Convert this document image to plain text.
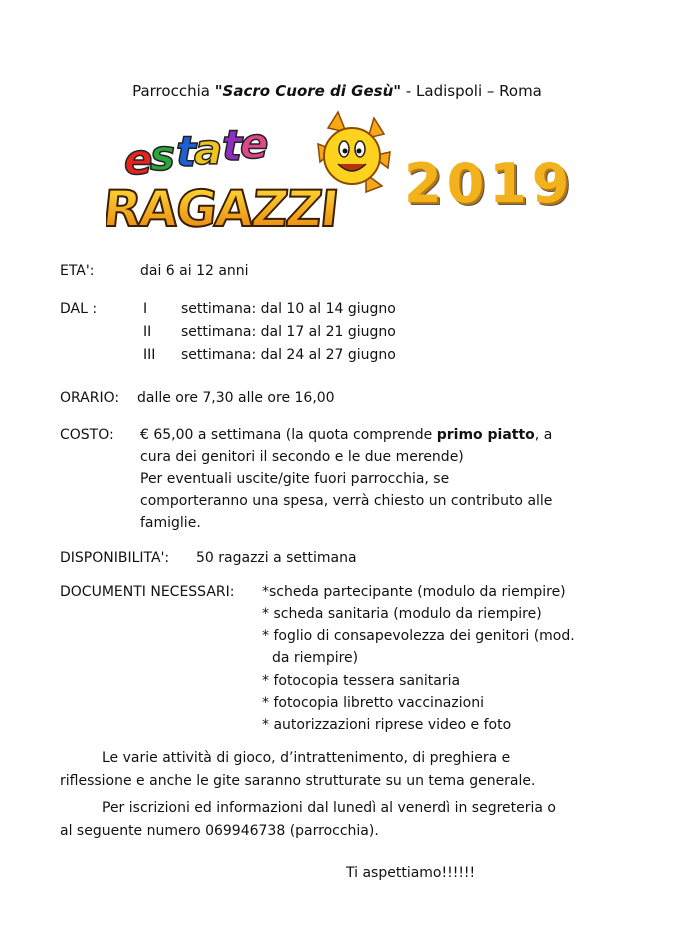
Parrocchia "Sacro Cuore di Gesù" - Ladispoli – Roma
e
s t
a t
e
RAGAZZI 2019
ETA':	dai 6 ai 12 anni
DAL :	I settimana: dal 10 al 14 giugno
II settimana: dal 17 al 21 giugno
III settimana: dal 24 al 27 giugno
ORARIO: dalle ore 7,30 alle ore 16,00
COSTO: € 65,00 a settimana (la quota comprende primo piatto, a
cura dei genitori il secondo e le due merende)
Per eventuali uscite/gite fuori parrocchia, se
comporteranno una spesa, verrà chiesto un contributo alle
famiglie.
DISPONIBILITA': 50 ragazzi a settimana
DOCUMENTI NECESSARI: *scheda partecipante (modulo da riempire)
* scheda sanitaria (modulo da riempire)
* foglio di consapevolezza dei genitori (mod.
da riempire)
* fotocopia tessera sanitaria
* fotocopia libretto vaccinazioni
* autorizzazioni riprese video e foto
Le varie attività di gioco, d’intrattenimento, di preghiera e
riflessione e anche le gite saranno strutturate su un tema generale.
Per iscrizioni ed informazioni dal lunedì al venerdì in segreteria o
al seguente numero 069946738 (parrocchia).
Ti aspettiamo!!!!!!
